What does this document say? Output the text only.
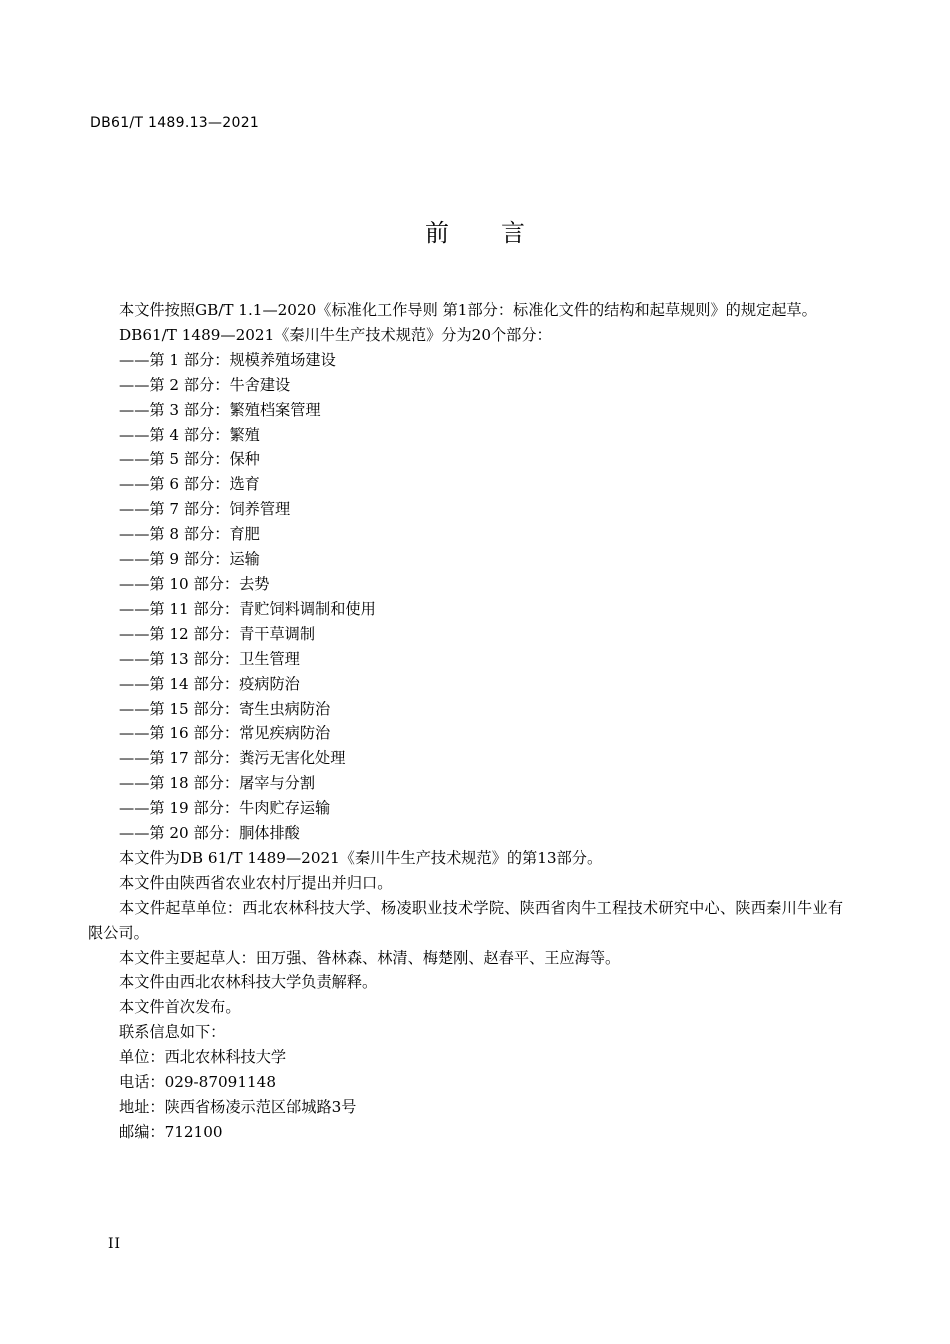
DB61/T 1489.13—2021
前 言

本文件按照GB/T 1.1—2020《标准化工作导则 第1部分：标准化文件的结构和起草规则》的规定起草。

DB61/T 1489—2021《秦川牛生产技术规范》分为20个部分：

——第 1 部分：规模养殖场建设

——第 2 部分：牛舍建设

——第 3 部分：繁殖档案管理

——第 4 部分：繁殖

——第 5 部分：保种

——第 6 部分：选育

——第 7 部分：饲养管理

——第 8 部分：育肥

——第 9 部分：运输

——第 10 部分：去势

——第 11 部分：青贮饲料调制和使用

——第 12 部分：青干草调制

——第 13 部分：卫生管理

——第 14 部分：疫病防治

——第 15 部分：寄生虫病防治

——第 16 部分：常见疾病防治

——第 17 部分：粪污无害化处理

——第 18 部分：屠宰与分割

——第 19 部分：牛肉贮存运输

——第 20 部分：胴体排酸

本文件为DB 61/T 1489—2021《秦川牛生产技术规范》的第13部分。

本文件由陕西省农业农村厅提出并归口。

本文件起草单位：西北农林科技大学、杨凌职业技术学院、陕西省肉牛工程技术研究中心、陕西秦川牛业有限公司。

本文件主要起草人：田万强、昝林森、林清、梅楚刚、赵春平、王应海等。

本文件由西北农林科技大学负责解释。

本文件首次发布。

联系信息如下：

单位：西北农林科技大学

电话：029-87091148

地址：陕西省杨凌示范区邰城路3号

邮编：712100

II
